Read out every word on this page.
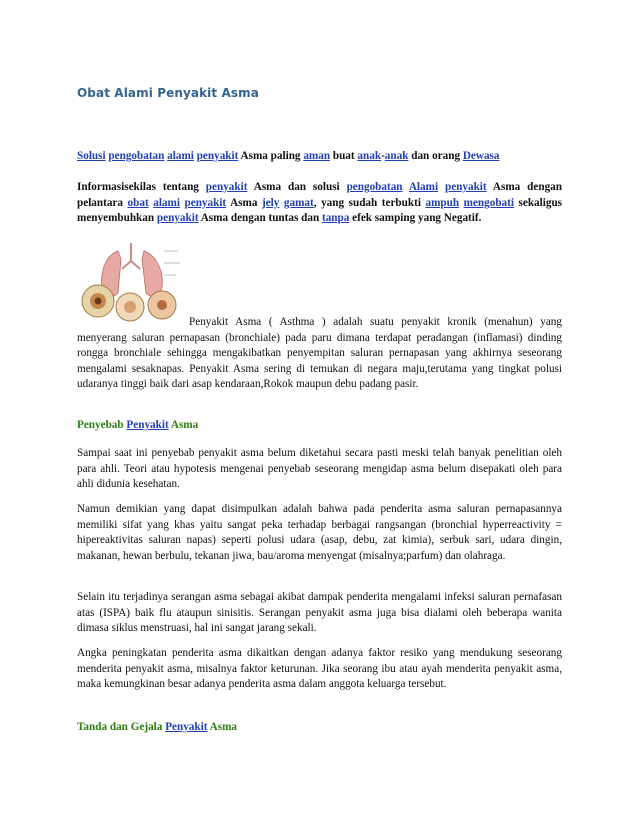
Obat Alami Penyakit Asma

Solusi pengobatan alami penyakit Asma paling aman buat anak-anak dan orang Dewasa

Informasisekilas tentang penyakit Asma dan solusi pengobatan Alami penyakit Asma dengan pelantara obat alami penyakit Asma jely gamat, yang sudah terbukti ampuh mengobati sekaligus menyembuhkan penyakit Asma dengan tuntas dan tanpa efek samping yang Negatif.

Penyakit Asma ( Asthma ) adalah suatu penyakit kronik (menahun) yang menyerang saluran pernapasan (bronchiale) pada paru dimana terdapat peradangan (inflamasi) dinding rongga bronchiale sehingga mengakibatkan penyempitan saluran pernapasan yang akhirnya seseorang mengalami sesaknapas. Penyakit Asma sering di temukan di negara maju,terutama yang tingkat polusi udaranya tinggi baik dari asap kendaraan,Rokok maupun debu padang pasir.

Penyebab Penyakit Asma

Sampai saat ini penyebab penyakit asma belum diketahui secara pasti meski telah banyak penelitian oleh para ahli. Teori atau hypotesis mengenai penyebab seseorang mengidap asma belum disepakati oleh para ahli didunia kesehatan.

Namun demikian yang dapat disimpulkan adalah bahwa pada penderita asma saluran pernapasannya memiliki sifat yang khas yaitu sangat peka terhadap berbagai rangsangan (bronchial hyperreactivity = hipereaktivitas saluran napas) seperti polusi udara (asap, debu, zat kimia), serbuk sari, udara dingin, makanan, hewan berbulu, tekanan jiwa, bau/aroma menyengat (misalnya;parfum) dan olahraga.

Selain itu terjadinya serangan asma sebagai akibat dampak penderita mengalami infeksi saluran pernafasan atas (ISPA) baik flu ataupun sinisitis. Serangan penyakit asma juga bisa dialami oleh beberapa wanita dimasa siklus menstruasi, hal ini sangat jarang sekali.

Angka peningkatan penderita asma dikaitkan dengan adanya faktor resiko yang mendukung seseorang menderita penyakit asma, misalnya faktor keturunan. Jika seorang ibu atau ayah menderita penyakit asma, maka kemungkinan besar adanya penderita asma dalam anggota keluarga tersebut.

Tanda dan Gejala Penyakit Asma
